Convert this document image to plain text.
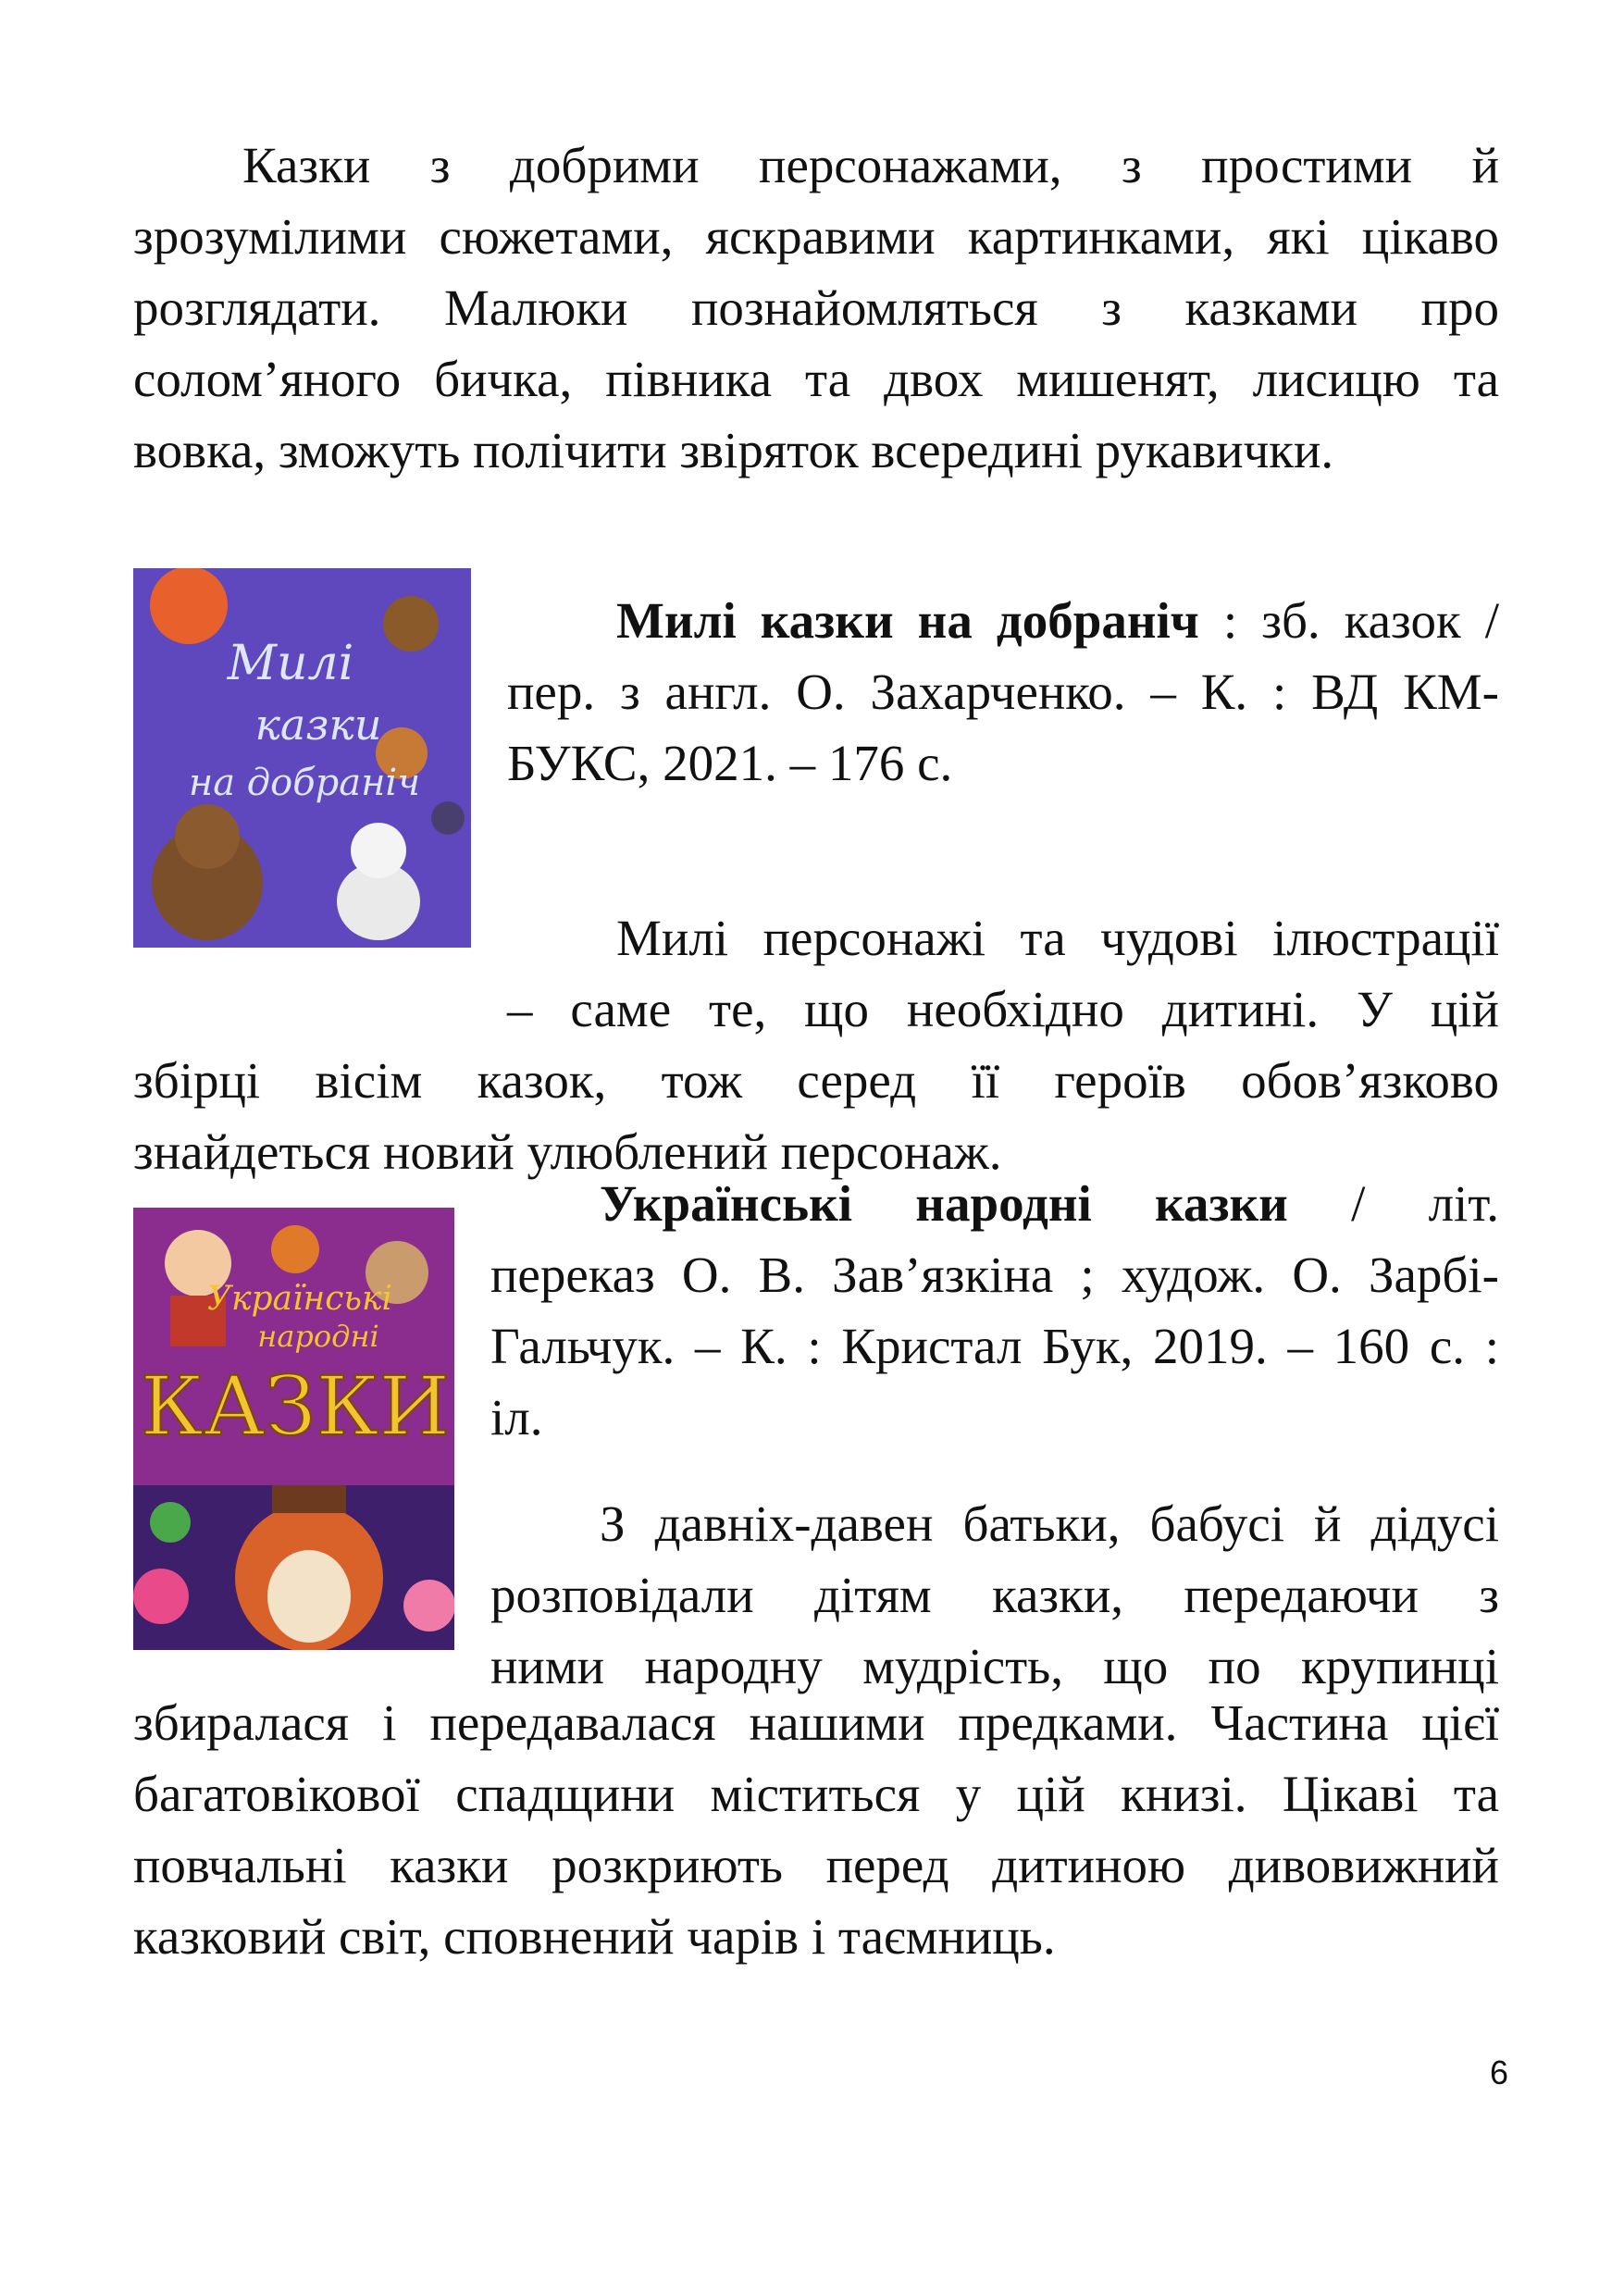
Казки з добрими персонажами, з простими й
зрозумілими сюжетами, яскравими картинками, які цікаво
розглядати. Малюки познайомляться з казками про
солом’яного бичка, півника та двох мишенят, лисицю та
вовка, зможуть полічити звіряток всередині рукавички.
Милі
казки
на добраніч
Милі казки на добраніч : зб. казок /
пер. з англ. О. Захарченко. – К. : ВД КМ-
БУКС, 2021. – 176 с.
Милі персонажі та чудові ілюстрації
– саме те, що необхідно дитині. У цій
збірці вісім казок, тож серед її героїв обов’язково
знайдеться новий улюблений персонаж.
Українські
народні
КАЗКИ
Українські народні казки / літ.
переказ О. В. Зав’язкіна ; худож. О. Зарбі-
Гальчук. – К. : Кристал Бук, 2019. – 160 с. :
іл.
З давніх-давен батьки, бабусі й дідусі
розповідали дітям казки, передаючи з
ними народну мудрість, що по крупинці
збиралася і передавалася нашими предками. Частина цієї
багатовікової спадщини міститься у цій книзі. Цікаві та
повчальні казки розкриють перед дитиною дивовижний
казковий світ, сповнений чарів і таємниць.
6
